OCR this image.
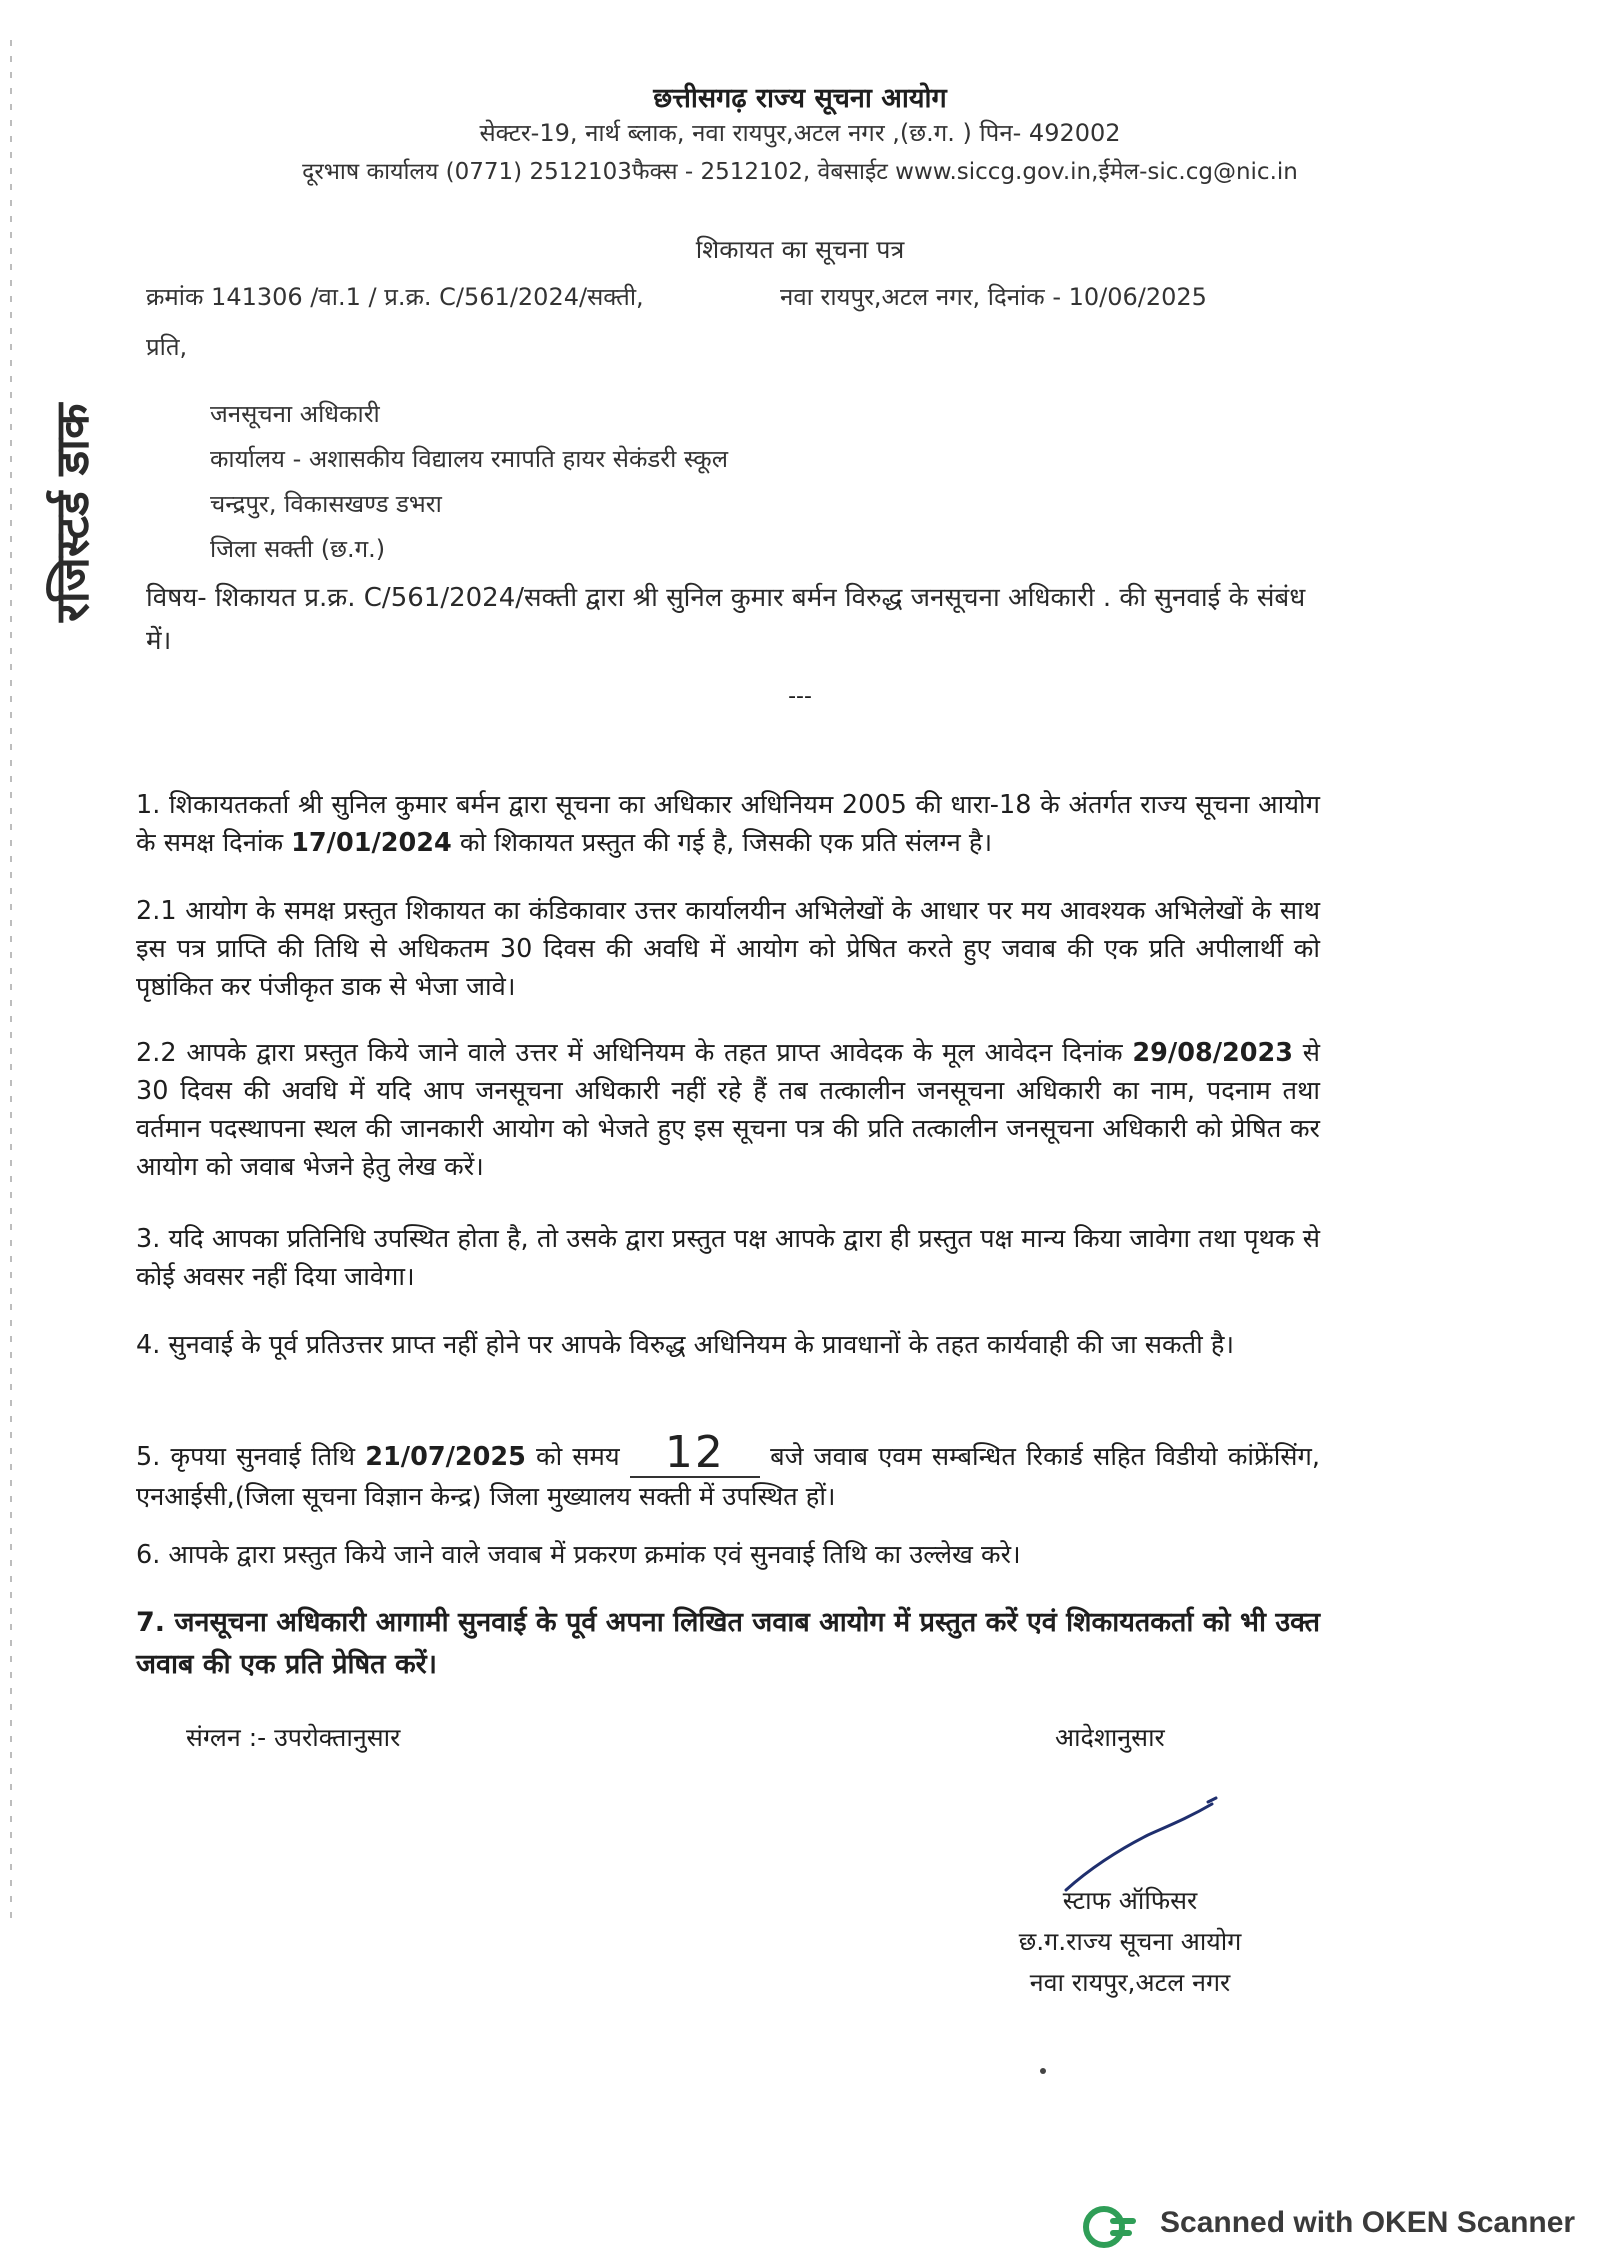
छत्तीसगढ़ राज्य सूचना आयोग
सेक्टर-19, नार्थ ब्लाक, नवा रायपुर,अटल नगर ,(छ.ग. ) पिन- 492002
दूरभाष कार्यालय (0771) 2512103फैक्स - 2512102, वेबसाईट www.siccg.gov.in,ईमेल-sic.cg@nic.in
शिकायत का सूचना पत्र
क्रमांक 141306 /वा.1 / प्र.क्र. C/561/2024/सक्ती,	नवा रायपुर,अटल नगर, दिनांक - 10/06/2025
प्रति,
जनसूचना अधिकारी
कार्यालय - अशासकीय विद्यालय रमापति हायर सेकंडरी स्कूल
चन्द्रपुर, विकासखण्ड डभरा
जिला सक्ती (छ.ग.)
रजिस्टर्ड डाक विषय- शिकायत प्र.क्र. C/561/2024/सक्ती द्वारा श्री सुनिल कुमार बर्मन विरुद्ध जनसूचना अधिकारी . की सुनवाई के संबंध में।
---
1. शिकायतकर्ता श्री सुनिल कुमार बर्मन द्वारा सूचना का अधिकार अधिनियम 2005 की धारा-18 के अंतर्गत राज्य सूचना आयोग के समक्ष दिनांक 17/01/2024 को शिकायत प्रस्तुत की गई है, जिसकी एक प्रति संलग्न है।
2.1 आयोग के समक्ष प्रस्तुत शिकायत का कंडिकावार उत्तर कार्यालयीन अभिलेखों के आधार पर मय आवश्यक अभिलेखों के साथ इस पत्र प्राप्ति की तिथि से अधिकतम 30 दिवस की अवधि में आयोग को प्रेषित करते हुए जवाब की एक प्रति अपीलार्थी को पृष्ठांकित कर पंजीकृत डाक से भेजा जावे।
2.2 आपके द्वारा प्रस्तुत किये जाने वाले उत्तर में अधिनियम के तहत प्राप्त आवेदक के मूल आवेदन दिनांक 29/08/2023 से 30 दिवस की अवधि में यदि आप जनसूचना अधिकारी नहीं रहे हैं तब तत्कालीन जनसूचना अधिकारी का नाम, पदनाम तथा वर्तमान पदस्थापना स्थल की जानकारी आयोग को भेजते हुए इस सूचना पत्र की प्रति तत्कालीन जनसूचना अधिकारी को प्रेषित कर आयोग को जवाब भेजने हेतु लेख करें।
3. यदि आपका प्रतिनिधि उपस्थित होता है, तो उसके द्वारा प्रस्तुत पक्ष आपके द्वारा ही प्रस्तुत पक्ष मान्य किया जावेगा तथा पृथक से कोई अवसर नहीं दिया जावेगा।
4. सुनवाई के पूर्व प्रतिउत्तर प्राप्त नहीं होने पर आपके विरुद्ध अधिनियम के प्रावधानों के तहत कार्यवाही की जा सकती है।
5. कृपया सुनवाई तिथि 21/07/2025 को समय 12 बजे जवाब एवम सम्बन्धित रिकार्ड सहित विडीयो कांफ्रेंसिंग, एनआईसी,(जिला सूचना विज्ञान केन्द्र) जिला मुख्यालय सक्ती में उपस्थित हों।
6. आपके द्वारा प्रस्तुत किये जाने वाले जवाब में प्रकरण क्रमांक एवं सुनवाई तिथि का उल्लेख करे।
7. जनसूचना अधिकारी आगामी सुनवाई के पूर्व अपना लिखित जवाब आयोग में प्रस्तुत करें एवं शिकायतकर्ता को भी उक्त जवाब की एक प्रति प्रेषित करें।
संग्लन :- उपरोक्तानुसार	आदेशानुसार
स्टाफ ऑफिसर
छ.ग.राज्य सूचना आयोग
नवा रायपुर,अटल नगर
Scanned with OKEN Scanner
